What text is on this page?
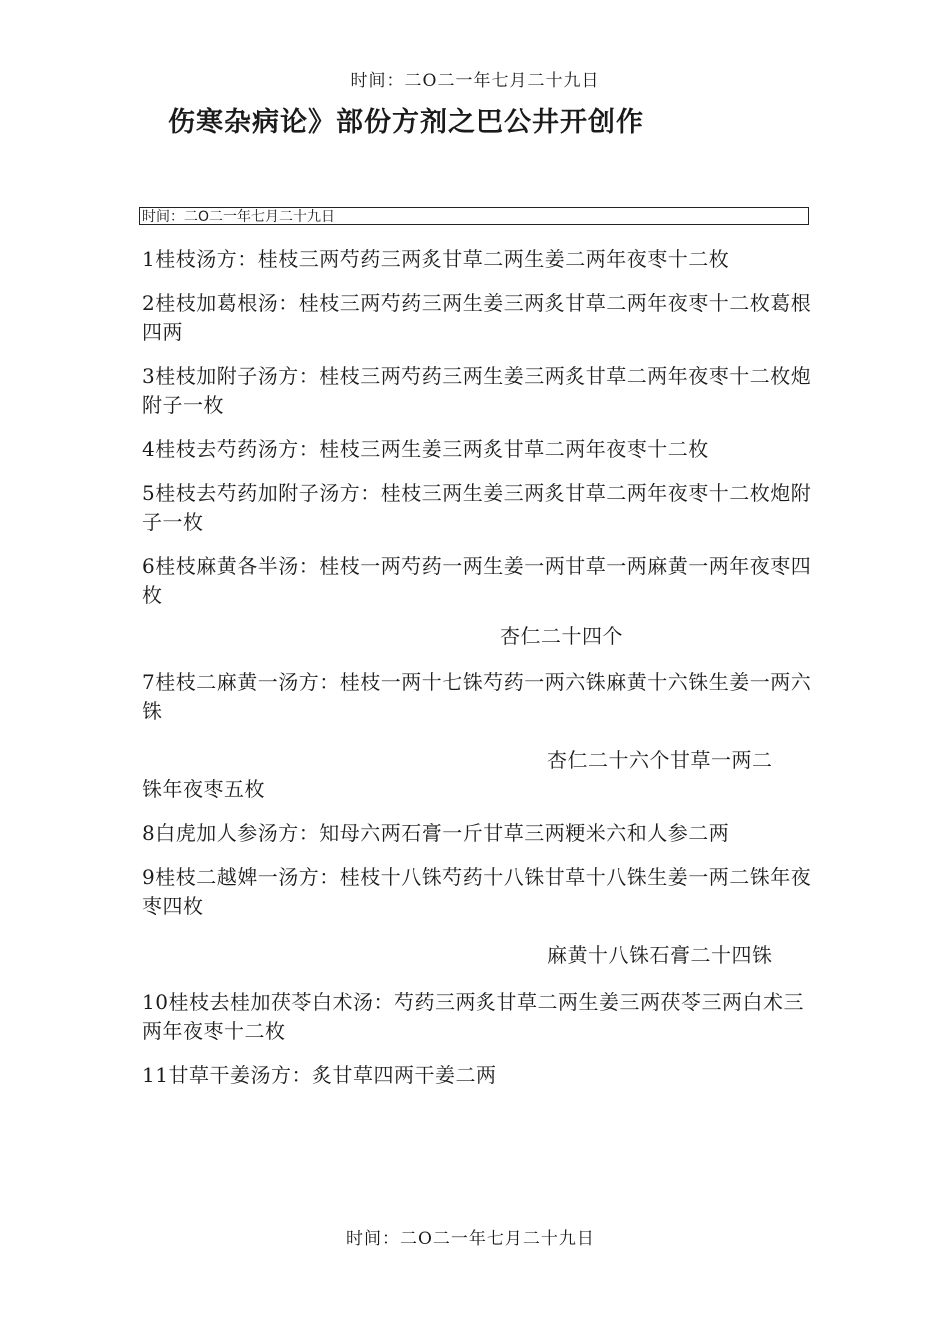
时间：二O二一年七月二十九日
伤寒杂病论》部份方剂之巴公井开创作
时间：二O二一年七月二十九日

1桂枝汤方：桂枝三两芍药三两炙甘草二两生姜二两年夜枣十二枚

2桂枝加葛根汤：桂枝三两芍药三两生姜三两炙甘草二两年夜枣十二枚葛根四两

3桂枝加附子汤方：桂枝三两芍药三两生姜三两炙甘草二两年夜枣十二枚炮附子一枚

4桂枝去芍药汤方：桂枝三两生姜三两炙甘草二两年夜枣十二枚

5桂枝去芍药加附子汤方：桂枝三两生姜三两炙甘草二两年夜枣十二枚炮附子一枚

6桂枝麻黄各半汤：桂枝一两芍药一两生姜一两甘草一两麻黄一两年夜枣四枚

杏仁二十四个

7桂枝二麻黄一汤方：桂枝一两十七铢芍药一两六铢麻黄十六铢生姜一两六铢

杏仁二十六个甘草一两二

铢年夜枣五枚

8白虎加人参汤方：知母六两石膏一斤甘草三两粳米六和人参二两

9桂枝二越婢一汤方：桂枝十八铢芍药十八铢甘草十八铢生姜一两二铢年夜枣四枚

麻黄十八铢石膏二十四铢

10桂枝去桂加茯苓白术汤：芍药三两炙甘草二两生姜三两茯苓三两白术三两年夜枣十二枚

11甘草干姜汤方：炙甘草四两干姜二两

时间：二O二一年七月二十九日
